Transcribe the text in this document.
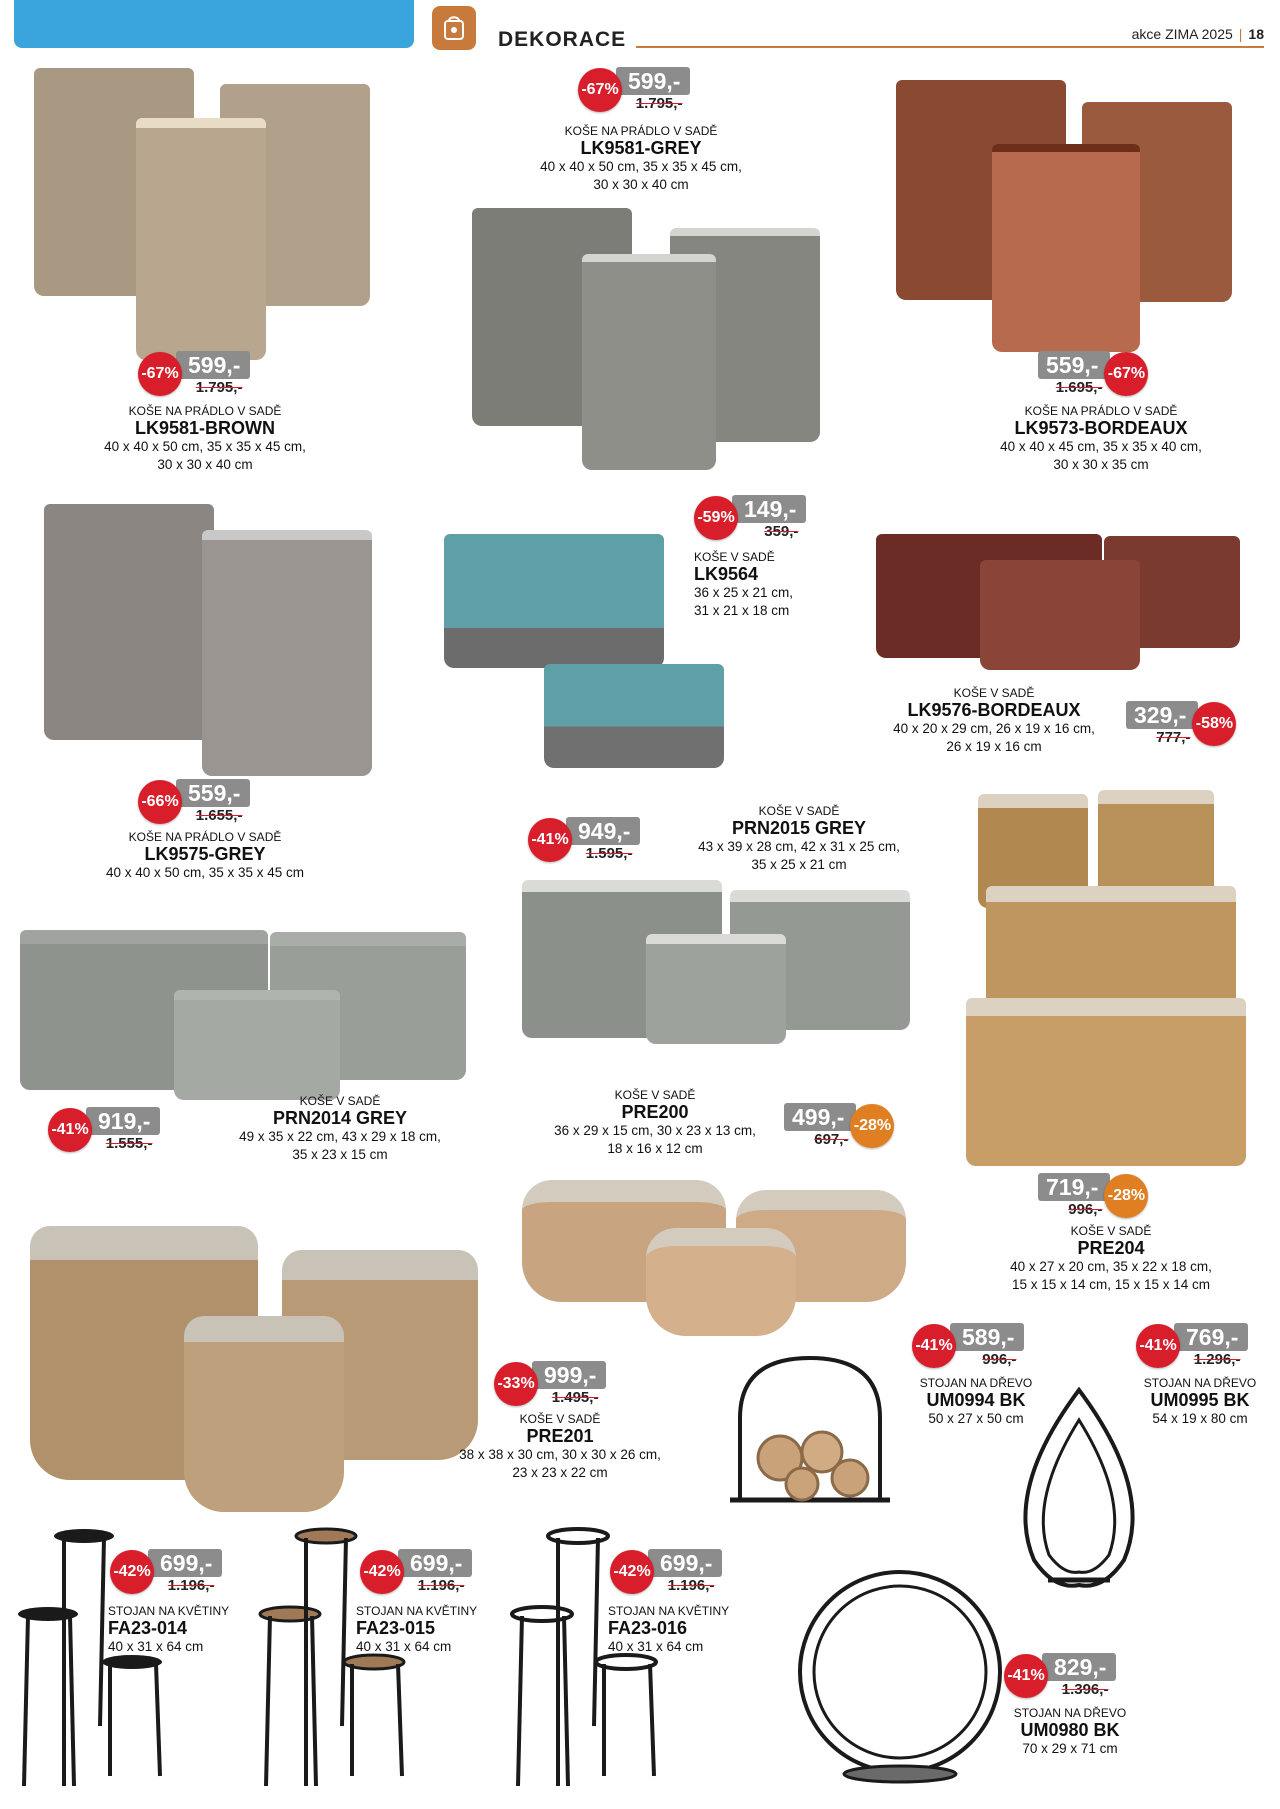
DEKORACE	akce ZIMA 2025 | 18
-67% 599,-
1.795,-
KOŠE NA PRÁDLO V SADĚ
LK9581-BROWN
40 x 40 x 50 cm, 35 x 35 x 45 cm,
30 x 30 x 40 cm
-67% 599,-
1.795,-
KOŠE NA PRÁDLO V SADĚ
LK9581-GREY
40 x 40 x 50 cm, 35 x 35 x 45 cm,
30 x 30 x 40 cm
559,-
1.695,-
-67%
KOŠE NA PRÁDLO V SADĚ
LK9573-BORDEAUX
40 x 40 x 45 cm, 35 x 35 x 40 cm,
30 x 30 x 35 cm
-66% 559,-
1.655,-
KOŠE NA PRÁDLO V SADĚ
LK9575-GREY
40 x 40 x 50 cm, 35 x 35 x 45 cm
-59% 149,-
359,-
KOŠE V SADĚ
LK9564
36 x 25 x 21 cm,
31 x 21 x 18 cm
KOŠE V SADĚ
LK9576-BORDEAUX
40 x 20 x 29 cm, 26 x 19 x 16 cm,
26 x 19 x 16 cm
329,-
777,-
-58%
-41% 919,-
1.555,-
KOŠE V SADĚ
PRN2014 GREY
49 x 35 x 22 cm, 43 x 29 x 18 cm,
35 x 23 x 15 cm
-41% 949,-
1.595,-
KOŠE V SADĚ
PRN2015 GREY
43 x 39 x 28 cm, 42 x 31 x 25 cm,
35 x 25 x 21 cm
KOŠE V SADĚ
PRE200
36 x 29 x 15 cm, 30 x 23 x 13 cm,
18 x 16 x 12 cm
499,-
697,-
-28%
719,-
996,-
-28%
KOŠE V SADĚ
PRE204
40 x 27 x 20 cm, 35 x 22 x 18 cm,
15 x 15 x 14 cm, 15 x 15 x 14 cm
-33% 999,-
1.495,-
KOŠE V SADĚ
PRE201
38 x 38 x 30 cm, 30 x 30 x 26 cm,
23 x 23 x 22 cm
-41% 589,-
996,-
STOJAN NA DŘEVO
UM0994 BK
50 x 27 x 50 cm
-41% 769,-
1.296,-
STOJAN NA DŘEVO
UM0995 BK
54 x 19 x 80 cm
-42% 699,-
1.196,-
STOJAN NA KVĚTINY
FA23-014
40 x 31 x 64 cm
-42% 699,-
1.196,-
STOJAN NA KVĚTINY
FA23-015
40 x 31 x 64 cm
-42% 699,-
1.196,-
STOJAN NA KVĚTINY
FA23-016
40 x 31 x 64 cm
-41% 829,-
1.396,-
STOJAN NA DŘEVO
UM0980 BK
70 x 29 x 71 cm
